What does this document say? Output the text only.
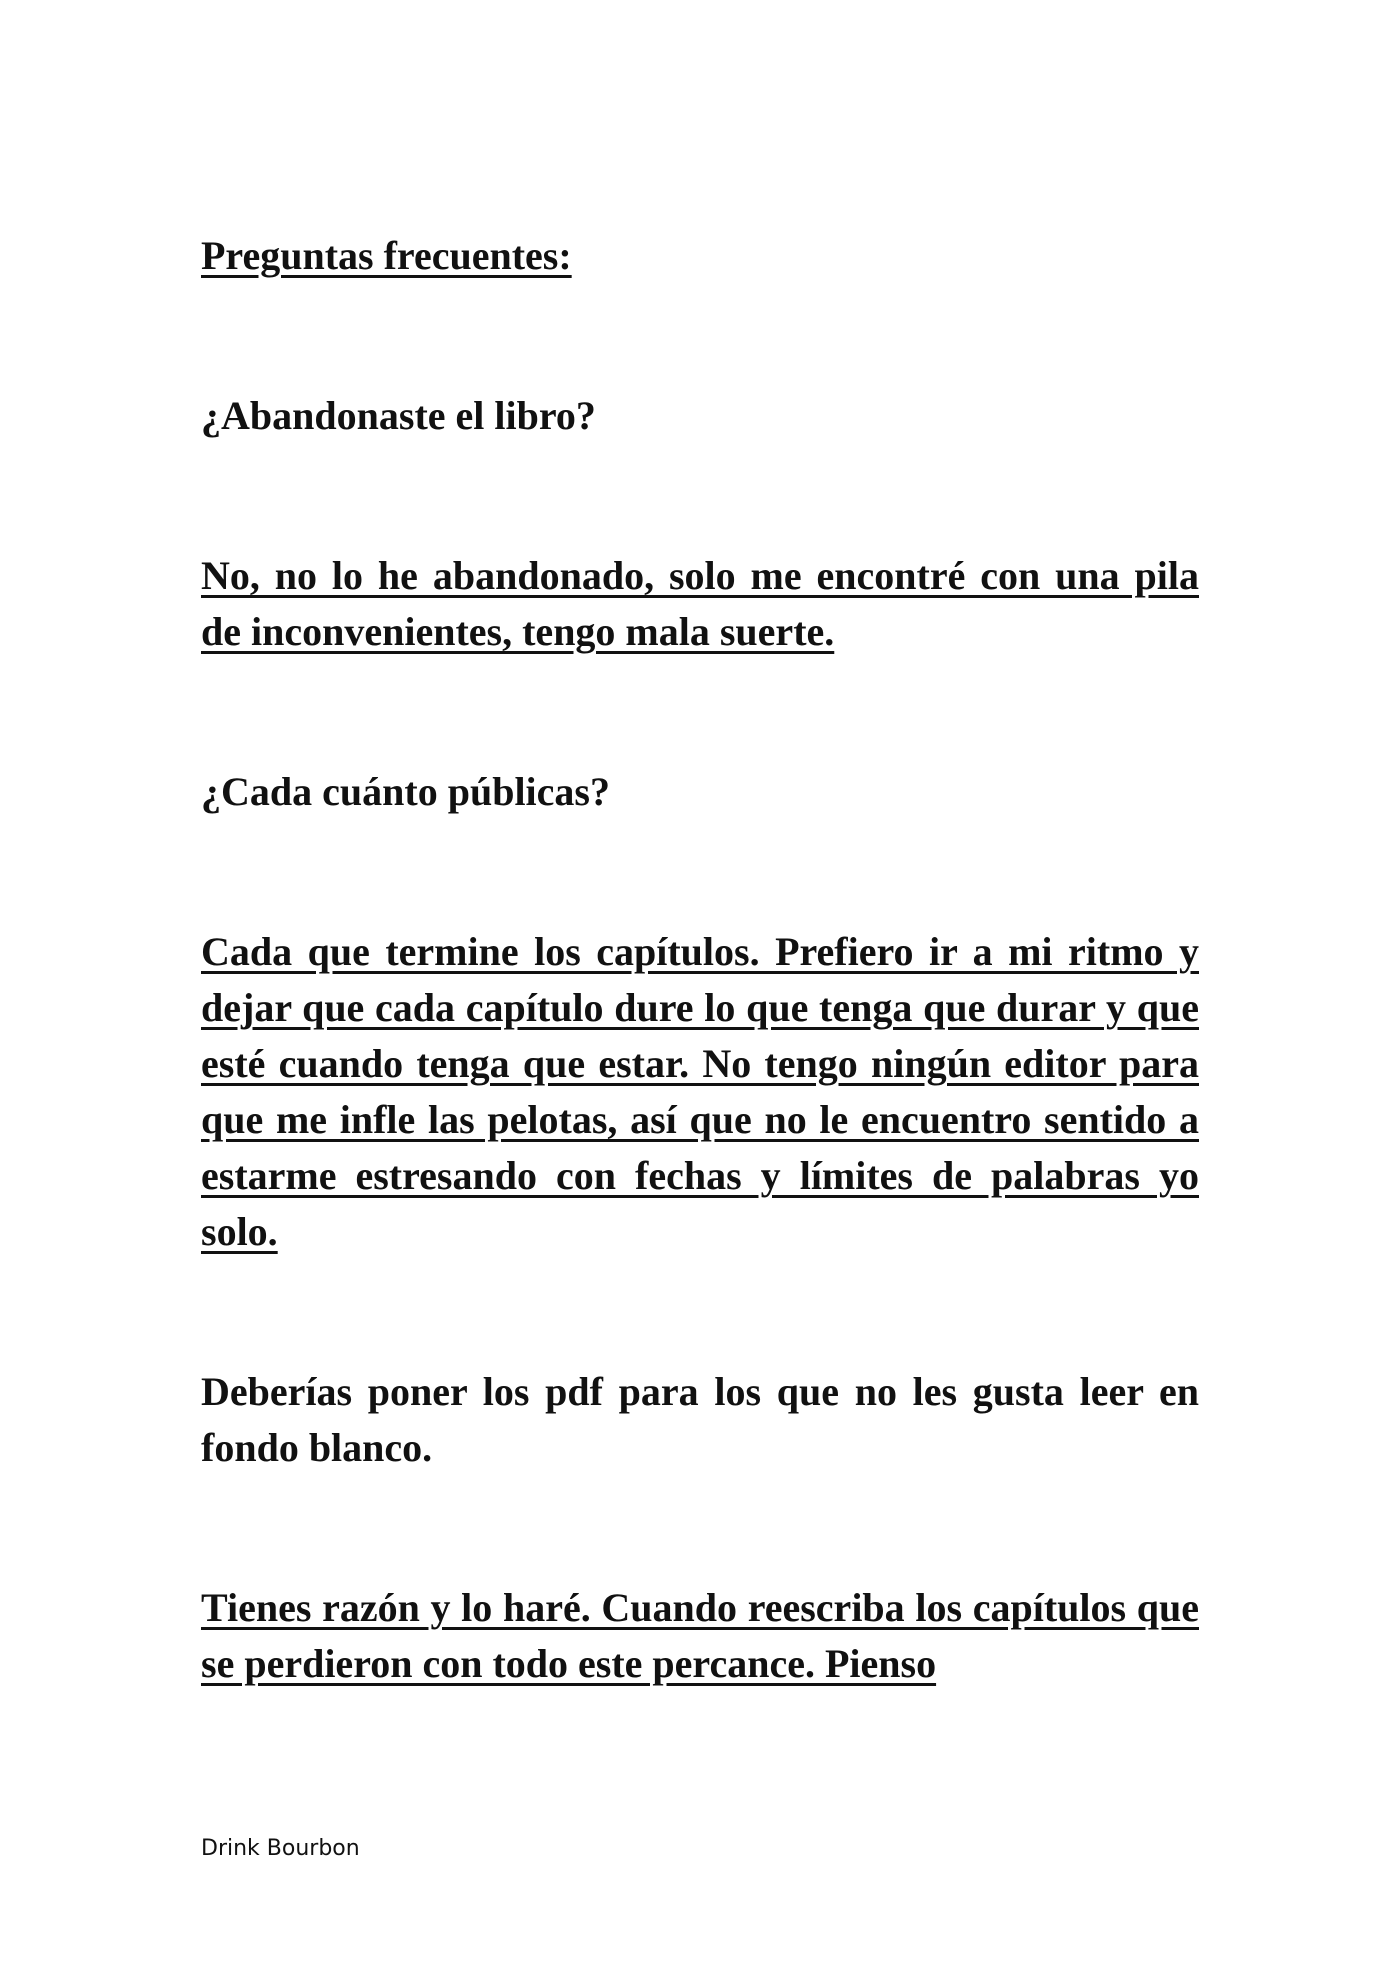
Preguntas frecuentes:

¿Abandonaste el libro?

No, no lo he abandonado, solo me encontré con una pila de inconvenientes, tengo mala suerte.

¿Cada cuánto públicas?

Cada que termine los capítulos. Prefiero ir a mi ritmo y dejar que cada capítulo dure lo que tenga que durar y que esté cuando tenga que estar. No tengo ningún editor para que me infle las pelotas, así que no le encuentro sentido a estarme estresando con fechas y límites de palabras yo solo.

Deberías poner los pdf para los que no les gusta leer en fondo blanco.

Tienes razón y lo haré. Cuando reescriba los capítulos que se perdieron con todo este percance. Pienso

Drink Bourbon
